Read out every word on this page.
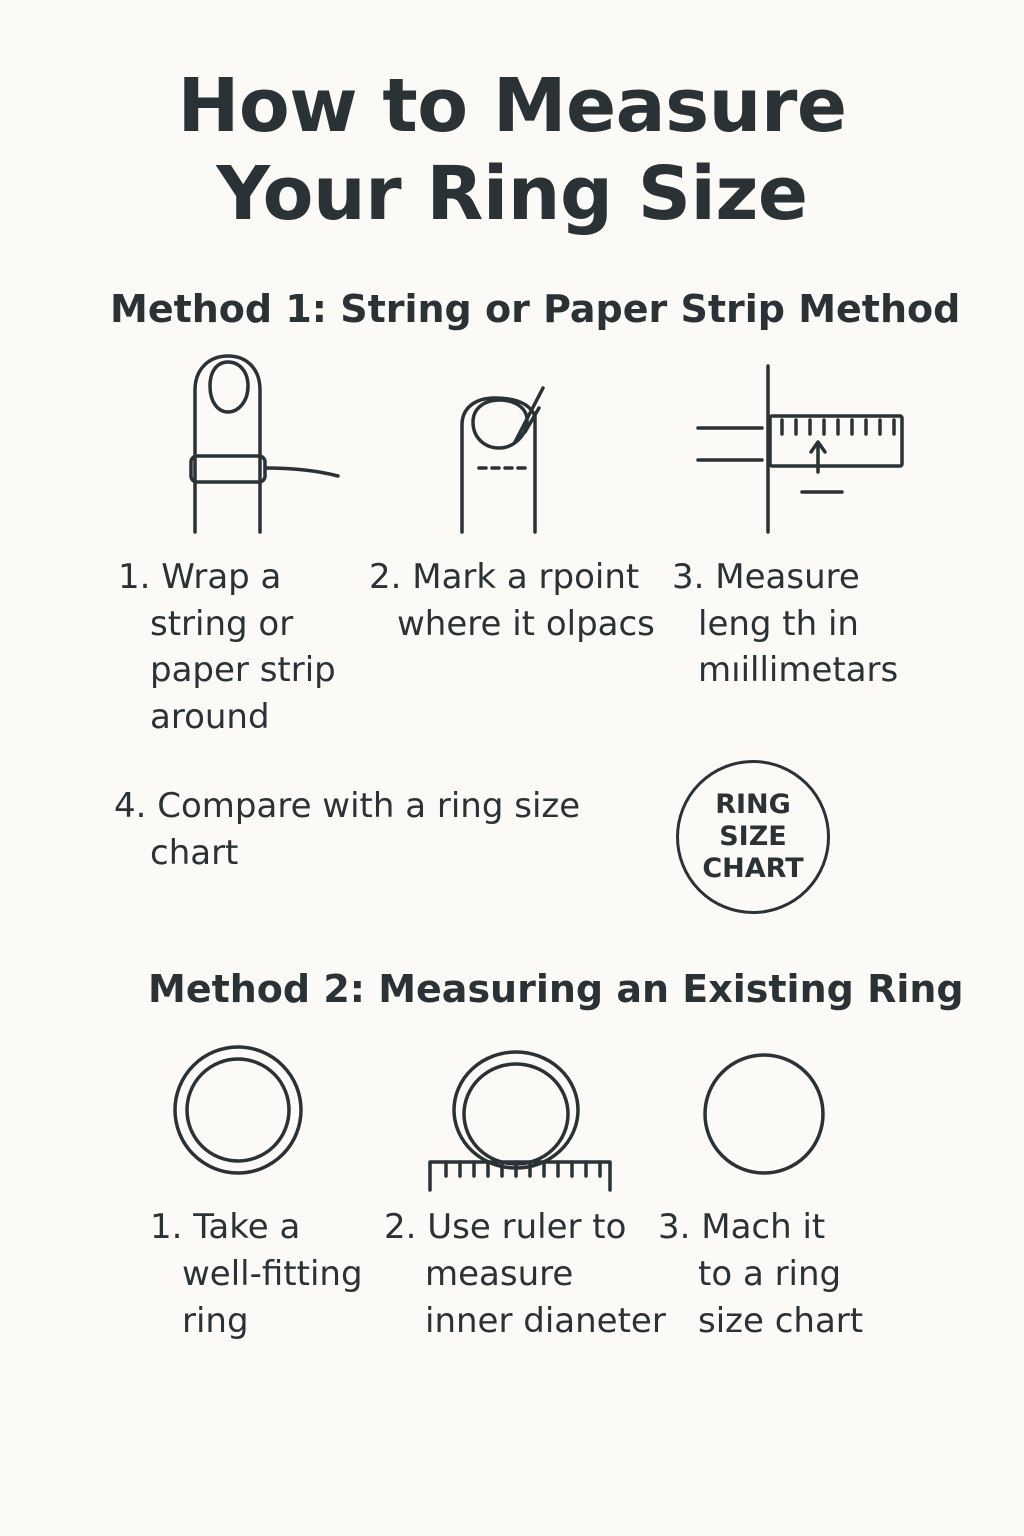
How to Measure
Your Ring Size
Method 1: String or Paper Strip Method
1. Wrap a
string or
paper strip
around
2. Mark a rpoint
where it olpacs
3. Measure
leng th in
mıillimetars
4. Compare with a ring size
chart
RING
SIZE
CHART
Method 2: Measuring an Existing Ring
1. Take a
well-fitting
ring
2. Use ruler to
measure
inner dianeter
3. Mach it
to a ring
size chart
